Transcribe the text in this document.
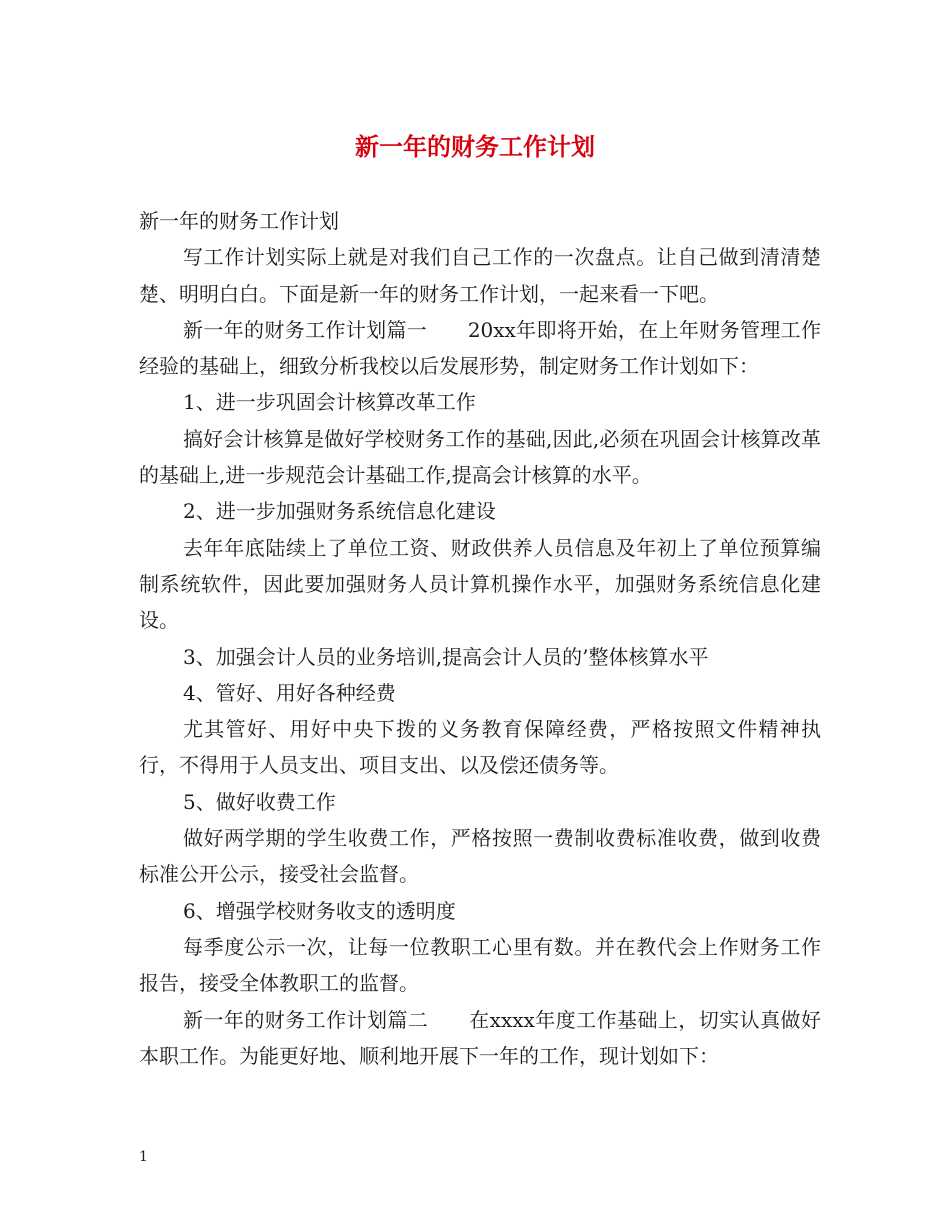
新一年的财务工作计划

新一年的财务工作计划

写工作计划实际上就是对我们自己工作的一次盘点。让自己做到清清楚楚、明明白白。下面是新一年的财务工作计划，一起来看一下吧。

新一年的财务工作计划篇一　　20xx年即将开始，在上年财务管理工作经验的基础上，细致分析我校以后发展形势，制定财务工作计划如下：

1、进一步巩固会计核算改革工作

搞好会计核算是做好学校财务工作的基础,因此,必须在巩固会计核算改革的基础上,进一步规范会计基础工作,提高会计核算的水平。

2、进一步加强财务系统信息化建设

去年年底陆续上了单位工资、财政供养人员信息及年初上了单位预算编制系统软件，因此要加强财务人员计算机操作水平，加强财务系统信息化建设。

3、加强会计人员的业务培训,提高会计人员的’整体核算水平

4、管好、用好各种经费

尤其管好、用好中央下拨的义务教育保障经费，严格按照文件精神执行，不得用于人员支出、项目支出、以及偿还债务等。

5、做好收费工作

做好两学期的学生收费工作，严格按照一费制收费标准收费，做到收费标准公开公示，接受社会监督。

6、增强学校财务收支的透明度

每季度公示一次，让每一位教职工心里有数。并在教代会上作财务工作报告，接受全体教职工的监督。

新一年的财务工作计划篇二　　在xxxx年度工作基础上，切实认真做好本职工作。为能更好地、顺利地开展下一年的工作，现计划如下：

1
